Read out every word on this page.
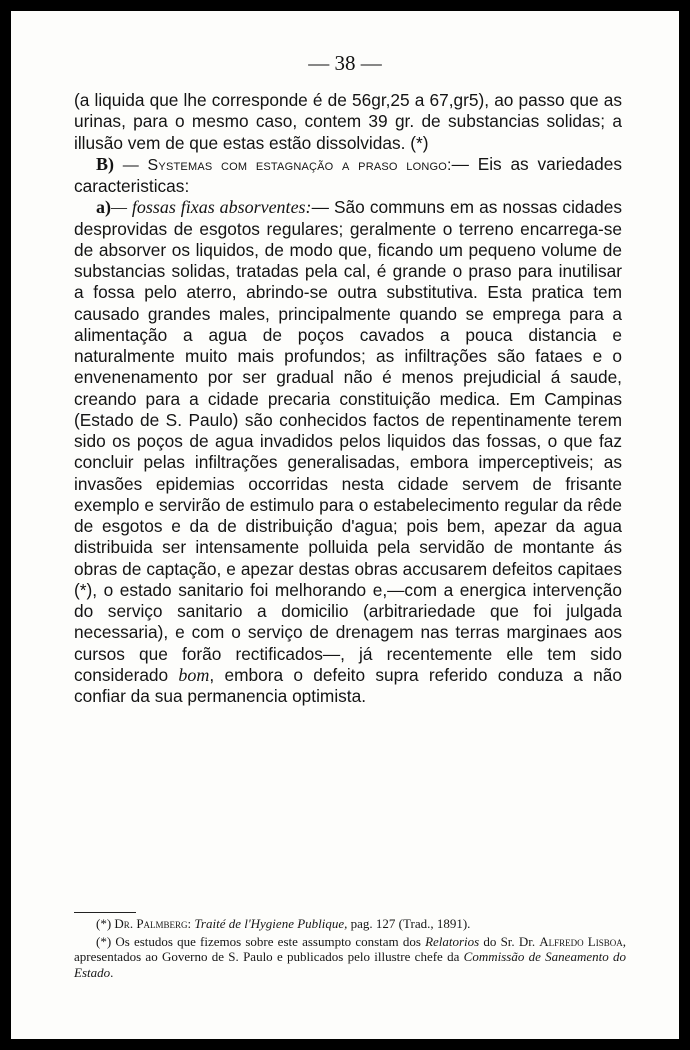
— 38 —

(a liquida que lhe corresponde é de 56gr,25 a 67,gr5), ao passo que as urinas, para o mesmo caso, contem 39 gr. de substancias solidas; a illusão vem de que estas estão dissolvidas. (*)

B) — Systemas com estagnação a praso longo:— Eis as variedades caracteristicas:

a)— fossas fixas absorventes:— São communs em as nossas cidades desprovidas de esgotos regulares; geralmente o terreno encarrega-se de absorver os liquidos, de modo que, ficando um pequeno volume de substancias solidas, tratadas pela cal, é grande o praso para inutilisar a fossa pelo aterro, abrindo-se outra substitutiva. Esta pratica tem causado grandes males, principalmente quando se emprega para a alimentação a agua de poços cavados a pouca distancia e naturalmente muito mais profundos; as infiltrações são fataes e o envenenamento por ser gradual não é menos prejudicial á saude, creando para a cidade precaria constituição medica. Em Campinas (Estado de S. Paulo) são conhecidos factos de repentinamente terem sido os poços de agua invadidos pelos liquidos das fossas, o que faz concluir pelas infiltrações generalisadas, embora imperceptiveis; as invasões epidemias occorridas nesta cidade servem de frisante exemplo e servirão de estimulo para o estabelecimento regular da rêde de esgotos e da de distribuição d'agua; pois bem, apezar da agua distribuida ser intensamente polluida pela servidão de montante ás obras de captação, e apezar destas obras accusarem defeitos capitaes (*), o estado sanitario foi melhorando e,—com a energica intervenção do serviço sanitario a domicilio (arbitrariedade que foi julgada necessaria), e com o serviço de drenagem nas terras marginaes aos cursos que forão rectificados—, já recentemente elle tem sido considerado bom, embora o defeito supra referido conduza a não confiar da sua permanencia optimista.

(*) Dr. Palmberg: Traité de l'Hygiene Publique, pag. 127 (Trad., 1891).

(*) Os estudos que fizemos sobre este assumpto constam dos Relatorios do Sr. Dr. Alfredo Lisboa, apresentados ao Governo de S. Paulo e publicados pelo illustre chefe da Commissão de Saneamento do Estado.
